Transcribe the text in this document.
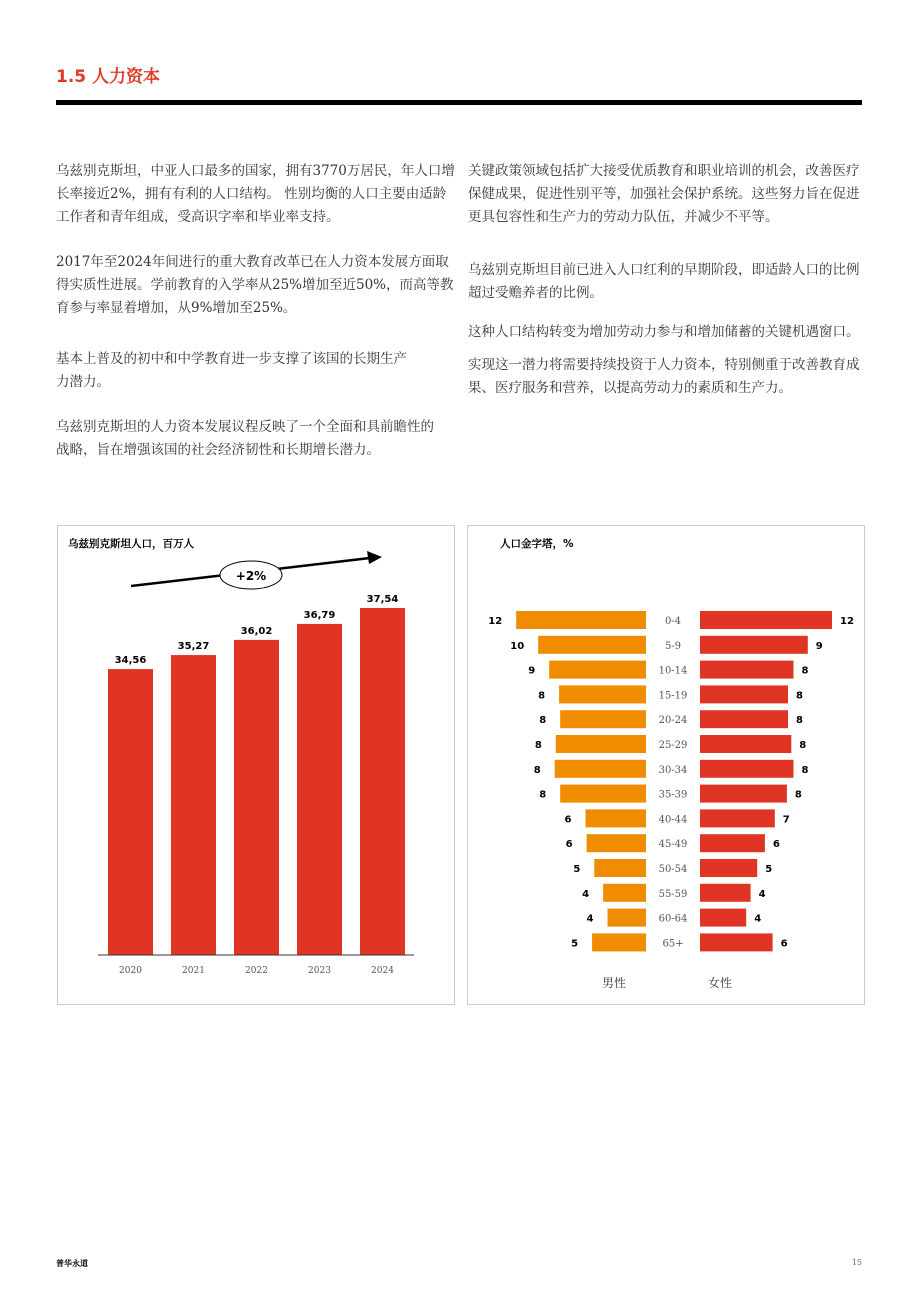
1.5 人力资本

乌兹别克斯坦，中亚人口最多的国家，拥有3770万居民，年人口增长率接近2%，拥有有利的人口结构。 性别均衡的人口主要由适龄工作者和青年组成，受高识字率和毕业率支持。

2017年至2024年间进行的重大教育改革已在人力资本发展方面取得实质性进展。学前教育的入学率从25%增加至近50%，而高等教育参与率显着增加，从9%增加至25%。

基本上普及的初中和中学教育进一步支撑了该国的长期生产力潜力。

乌兹别克斯坦的人力资本发展议程反映了一个全面和具前瞻性的战略，旨在增强该国的社会经济韧性和长期增长潜力。

关键政策领域包括扩大接受优质教育和职业培训的机会，改善医疗保健成果，促进性别平等，加强社会保护系统。这些努力旨在促进更具包容性和生产力的劳动力队伍，并减少不平等。

乌兹别克斯坦目前已进入人口红利的早期阶段，即适龄人口的比例超过受赡养者的比例。

这种人口结构转变为增加劳动力参与和增加储蓄的关键机遇窗口。

实现这一潜力将需要持续投资于人力资本，特别侧重于改善教育成果、医疗服务和营养，以提高劳动力的素质和生产力。

乌兹别克斯坦人口，百万人
34,56
2020
35,27
2021
36,02
2022
36,79
2023
37,54
2024
+2%
人口金字塔，%
0-4
12	12
5-9
10	9
10-14
9	8
15-19
8	8
20-24
8	8
25-29
8	8
30-34
8	8
35-39
8	8
40-44
6	7
45-49
6	6
50-54
5	5
55-59
4	4
60-64
4	4
65+
5	6
男性	女性
普华永道	15
